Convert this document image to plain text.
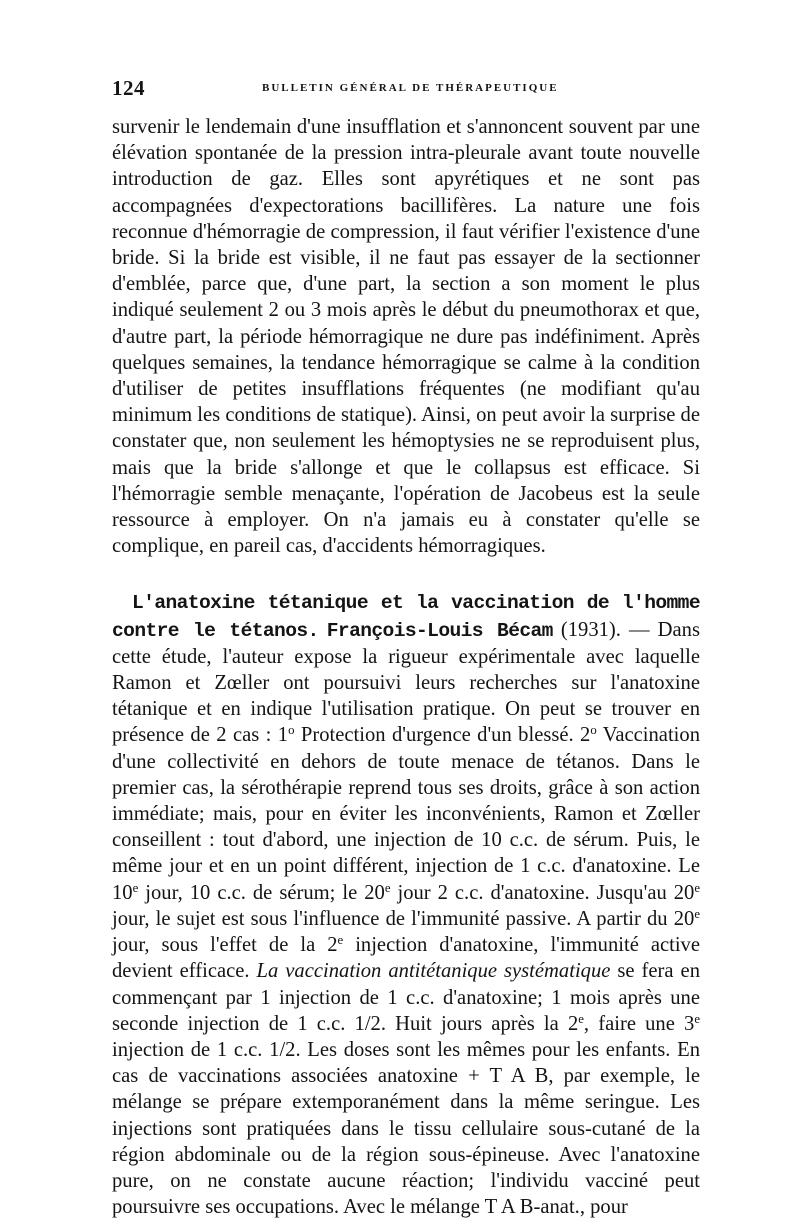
124	BULLETIN GÉNÉRAL DE THÉRAPEUTIQUE

survenir le lendemain d'une insufflation et s'annoncent souvent par une élévation spontanée de la pression intra-pleurale avant toute nouvelle introduction de gaz. Elles sont apyrétiques et ne sont pas accompagnées d'expectorations bacillifères. La nature une fois reconnue d'hémorragie de compression, il faut vérifier l'existence d'une bride. Si la bride est visible, il ne faut pas essayer de la sectionner d'emblée, parce que, d'une part, la section a son moment le plus indiqué seulement 2 ou 3 mois après le début du pneumothorax et que, d'autre part, la période hémorragique ne dure pas indéfiniment. Après quelques semaines, la tendance hémorragique se calme à la condition d'utiliser de petites insufflations fréquentes (ne modifiant qu'au minimum les conditions de statique). Ainsi, on peut avoir la surprise de constater que, non seulement les hémoptysies ne se reproduisent plus, mais que la bride s'allonge et que le collapsus est efficace. Si l'hémorragie semble menaçante, l'opération de Jacobeus est la seule ressource à employer. On n'a jamais eu à constater qu'elle se complique, en pareil cas, d'accidents hémorragiques.

L'anatoxine tétanique et la vaccination de l'homme contre le tétanos. François-Louis Bécam (1931). — Dans cette étude, l'auteur expose la rigueur expérimentale avec laquelle Ramon et Zœller ont poursuivi leurs recherches sur l'anatoxine tétanique et en indique l'utilisation pratique. On peut se trouver en présence de 2 cas : 1$^o$ Protection d'urgence d'un blessé. 2$^o$ Vaccination d'une collectivité en dehors de toute menace de tétanos. Dans le premier cas, la sérothérapie reprend tous ses droits, grâce à son action immédiate; mais, pour en éviter les inconvénients, Ramon et Zœller conseillent : tout d'abord, une injection de 10 c.c. de sérum. Puis, le même jour et en un point différent, injection de 1 c.c. d'anatoxine. Le 10e jour, 10 c.c. de sérum; le 20e jour 2 c.c. d'anatoxine. Jusqu'au 20e jour, le sujet est sous l'influence de l'immunité passive. A partir du 20e jour, sous l'effet de la 2e injection d'anatoxine, l'immunité active devient efficace. La vaccination antitétanique systématique se fera en commençant par 1 injection de 1 c.c. d'anatoxine; 1 mois après une seconde injection de 1 c.c. 1/2. Huit jours après la 2e, faire une 3e injection de 1 c.c. 1/2. Les doses sont les mêmes pour les enfants. En cas de vaccinations associées anatoxine + T A B, par exemple, le mélange se prépare extemporanément dans la même seringue. Les injections sont pratiquées dans le tissu cellulaire sous-cutané de la région abdominale ou de la région sous-épineuse. Avec l'anatoxine pure, on ne constate aucune réaction; l'individu vacciné peut poursuivre ses occupations. Avec le mélange T A B-anat., pour
